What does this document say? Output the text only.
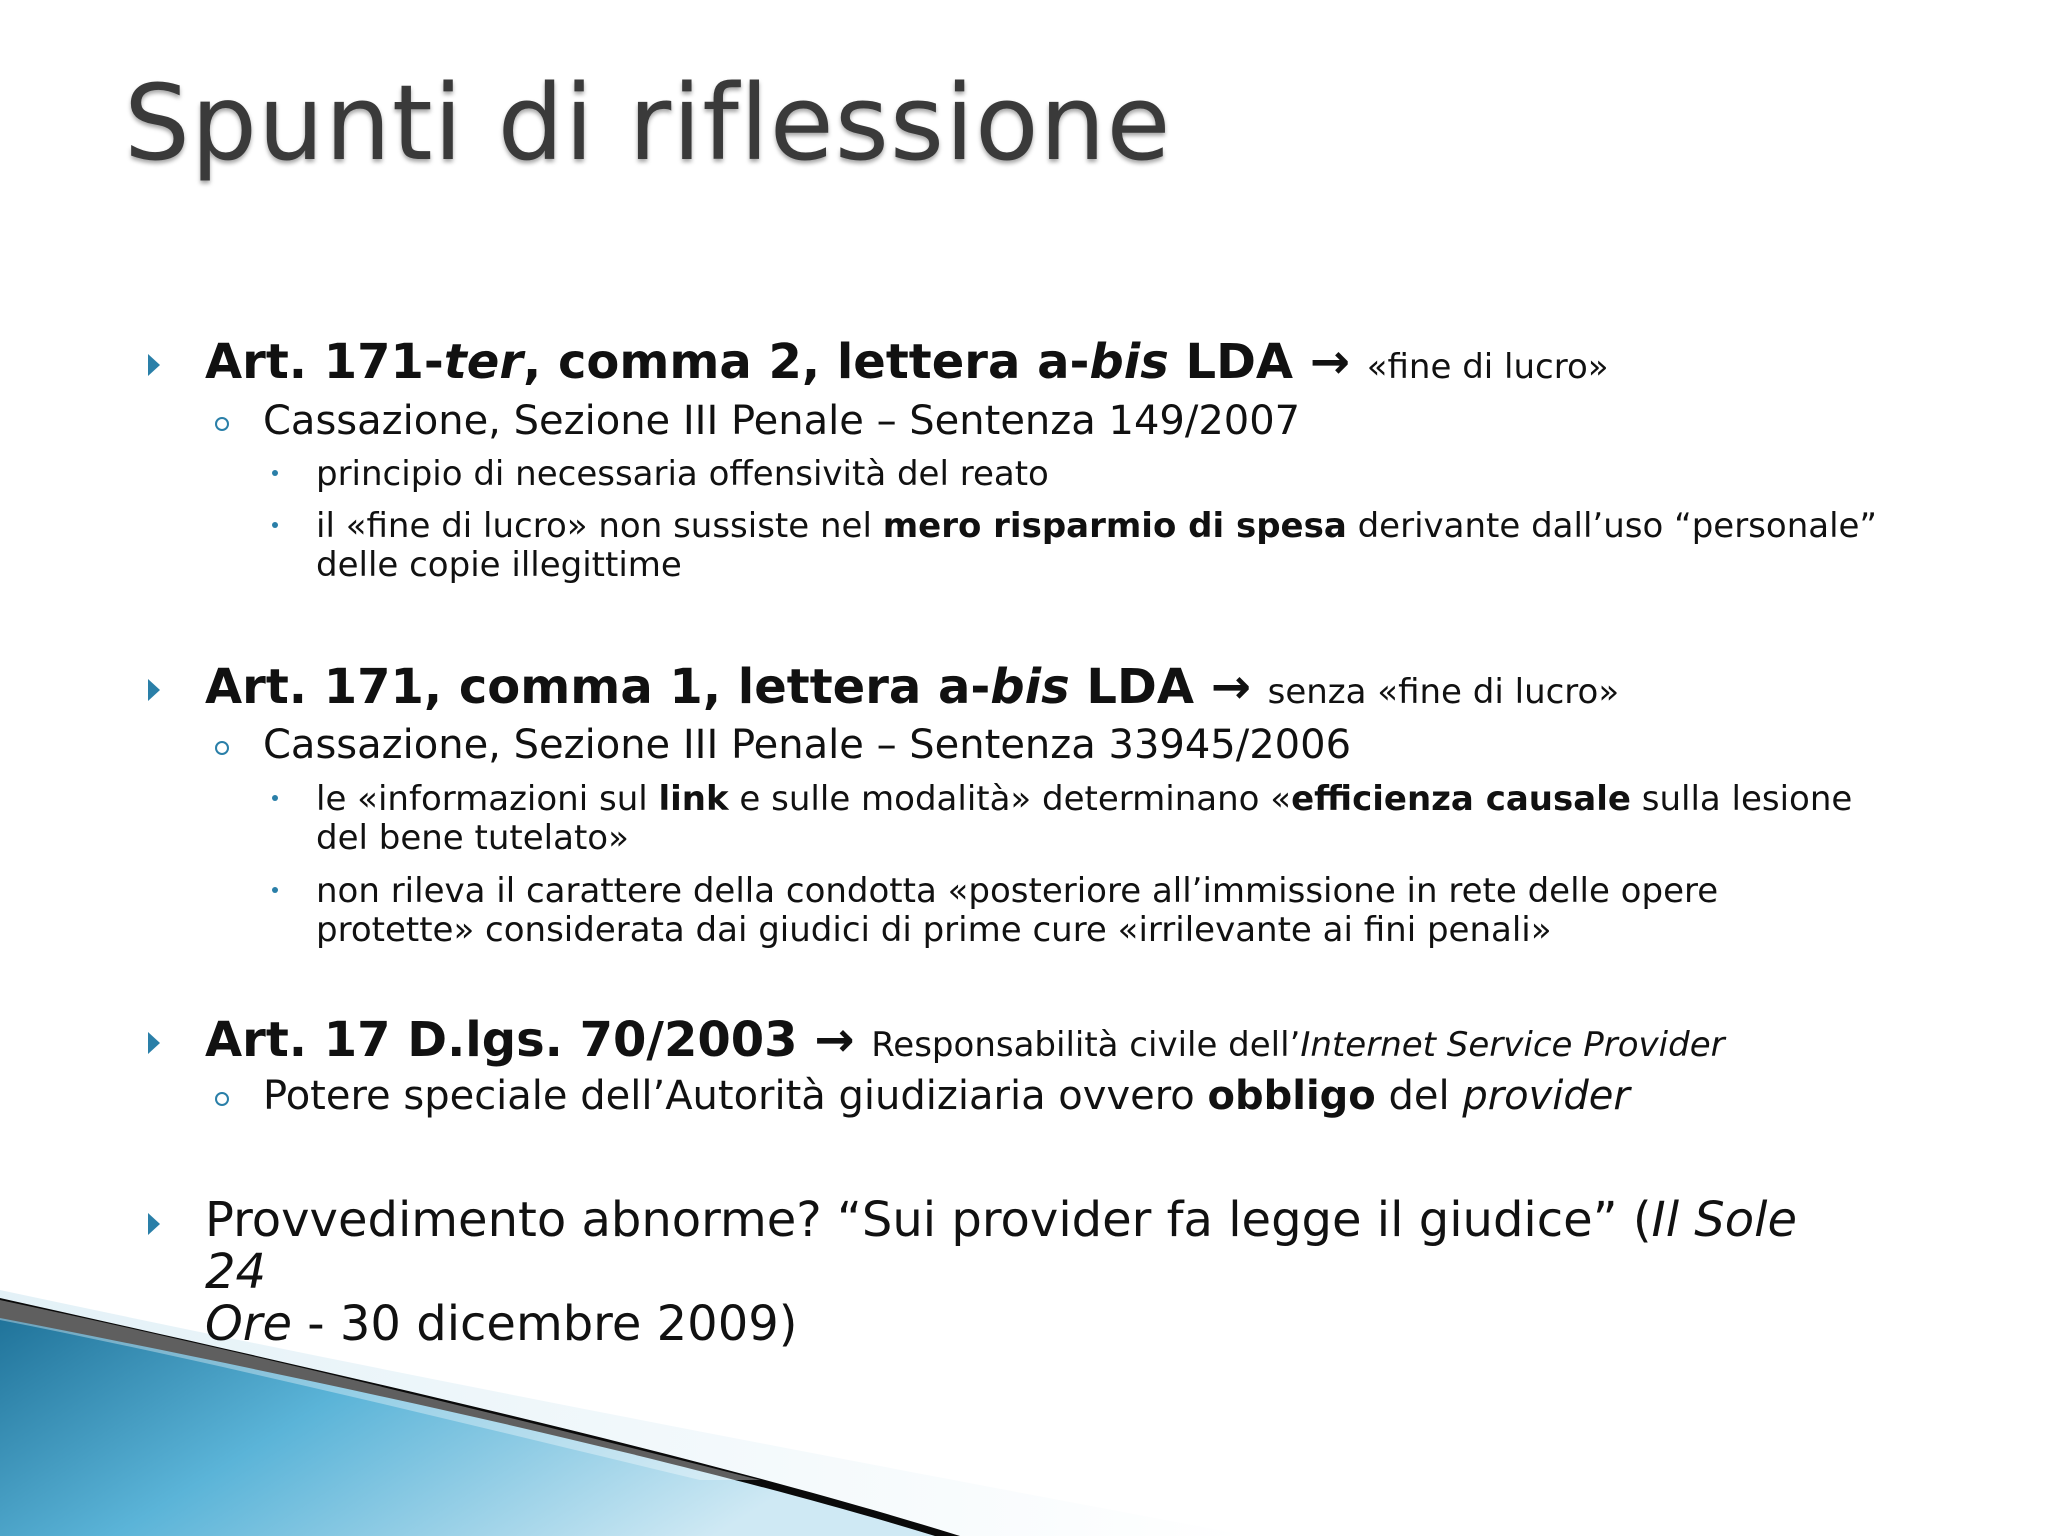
Spunti di riflessione
Art. 171-ter, comma 2, lettera a-bis LDA → «fine di lucro»
Cassazione, Sezione III Penale – Sentenza 149/2007
principio di necessaria offensività del reato
il «fine di lucro» non sussiste nel mero risparmio di spesa derivante dall’uso “personale”
delle copie illegittime
Art. 171, comma 1, lettera a-bis LDA → senza «fine di lucro»
Cassazione, Sezione III Penale – Sentenza 33945/2006
le «informazioni sul link e sulle modalità» determinano «efficienza causale sulla lesione
del bene tutelato»
non rileva il carattere della condotta «posteriore all’immissione in rete delle opere
protette» considerata dai giudici di prime cure «irrilevante ai fini penali»
Art. 17 D.lgs. 70/2003 → Responsabilità civile dell’Internet Service Provider
Potere speciale dell’Autorità giudiziaria ovvero obbligo del provider
Provvedimento abnorme? “Sui provider fa legge il giudice” (Il Sole 24
Ore - 30 dicembre 2009)
